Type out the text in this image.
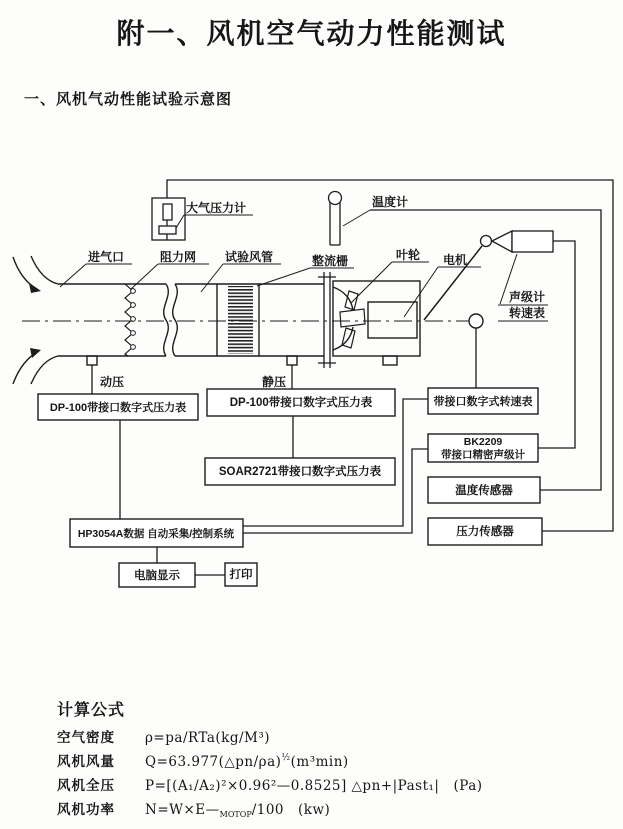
附一、风机空气动力性能测试
一、风机气动性能试验示意图
进气口	阻力网 试验风管	整流栅	叶轮 电机
大气压力计	温度计
声级计
转速表
动压	静压
DP-100带接口数字式压力表	DP-100带接口数字式压力表
SOAR2721带接口数字式压力表
带接口数字式转速表
BK2209
带接口精密声级计
温度传感器
压力传感器
HP3054A数据 自动采集/控制系统
电脑显示	打印
计算公式
空气密度	ρ=pa/RTa(kg/M³)
风机风量	Q=63.977(△pn/ρa)$^{\frac{1}{2}}$(m³min)
风机全压	P=[(A₁/A₂)²×0.96²—0.8525] △pn+|Past₁|　(Pa)
风机功率	$N=W\times E—_{MOTOP}/100$　(kw)
